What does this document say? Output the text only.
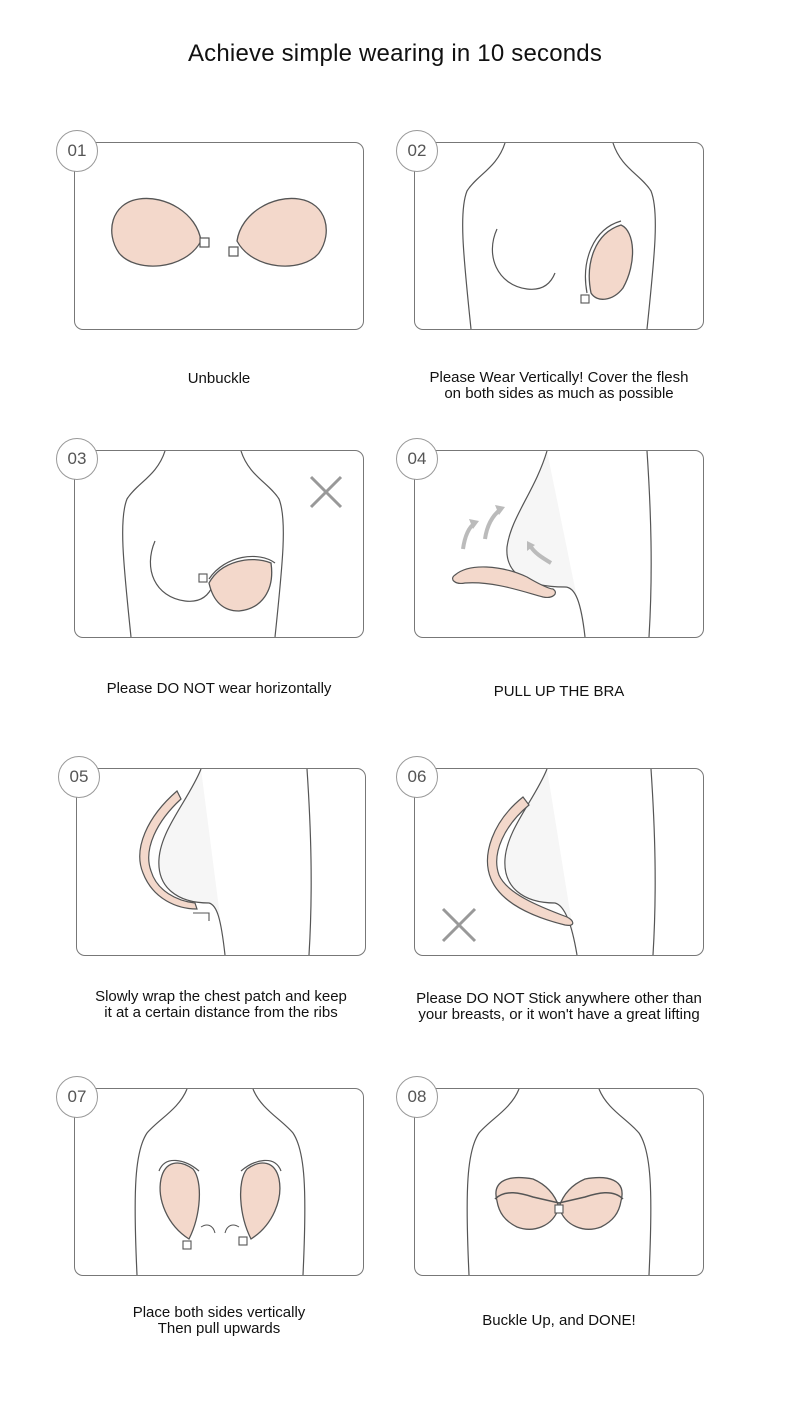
Achieve simple wearing in 10 seconds
01
Unbuckle
02
Please Wear Vertically! Cover the flesh
on both sides as much as possible
03
Please DO NOT wear horizontally
04
PULL UP THE BRA
05
Slowly wrap the chest patch and keep
it at a certain distance from the ribs
06
Please DO NOT Stick anywhere other than
your breasts, or it won't have a great lifting
07
Place both sides vertically
Then pull upwards
08
Buckle Up, and DONE!
